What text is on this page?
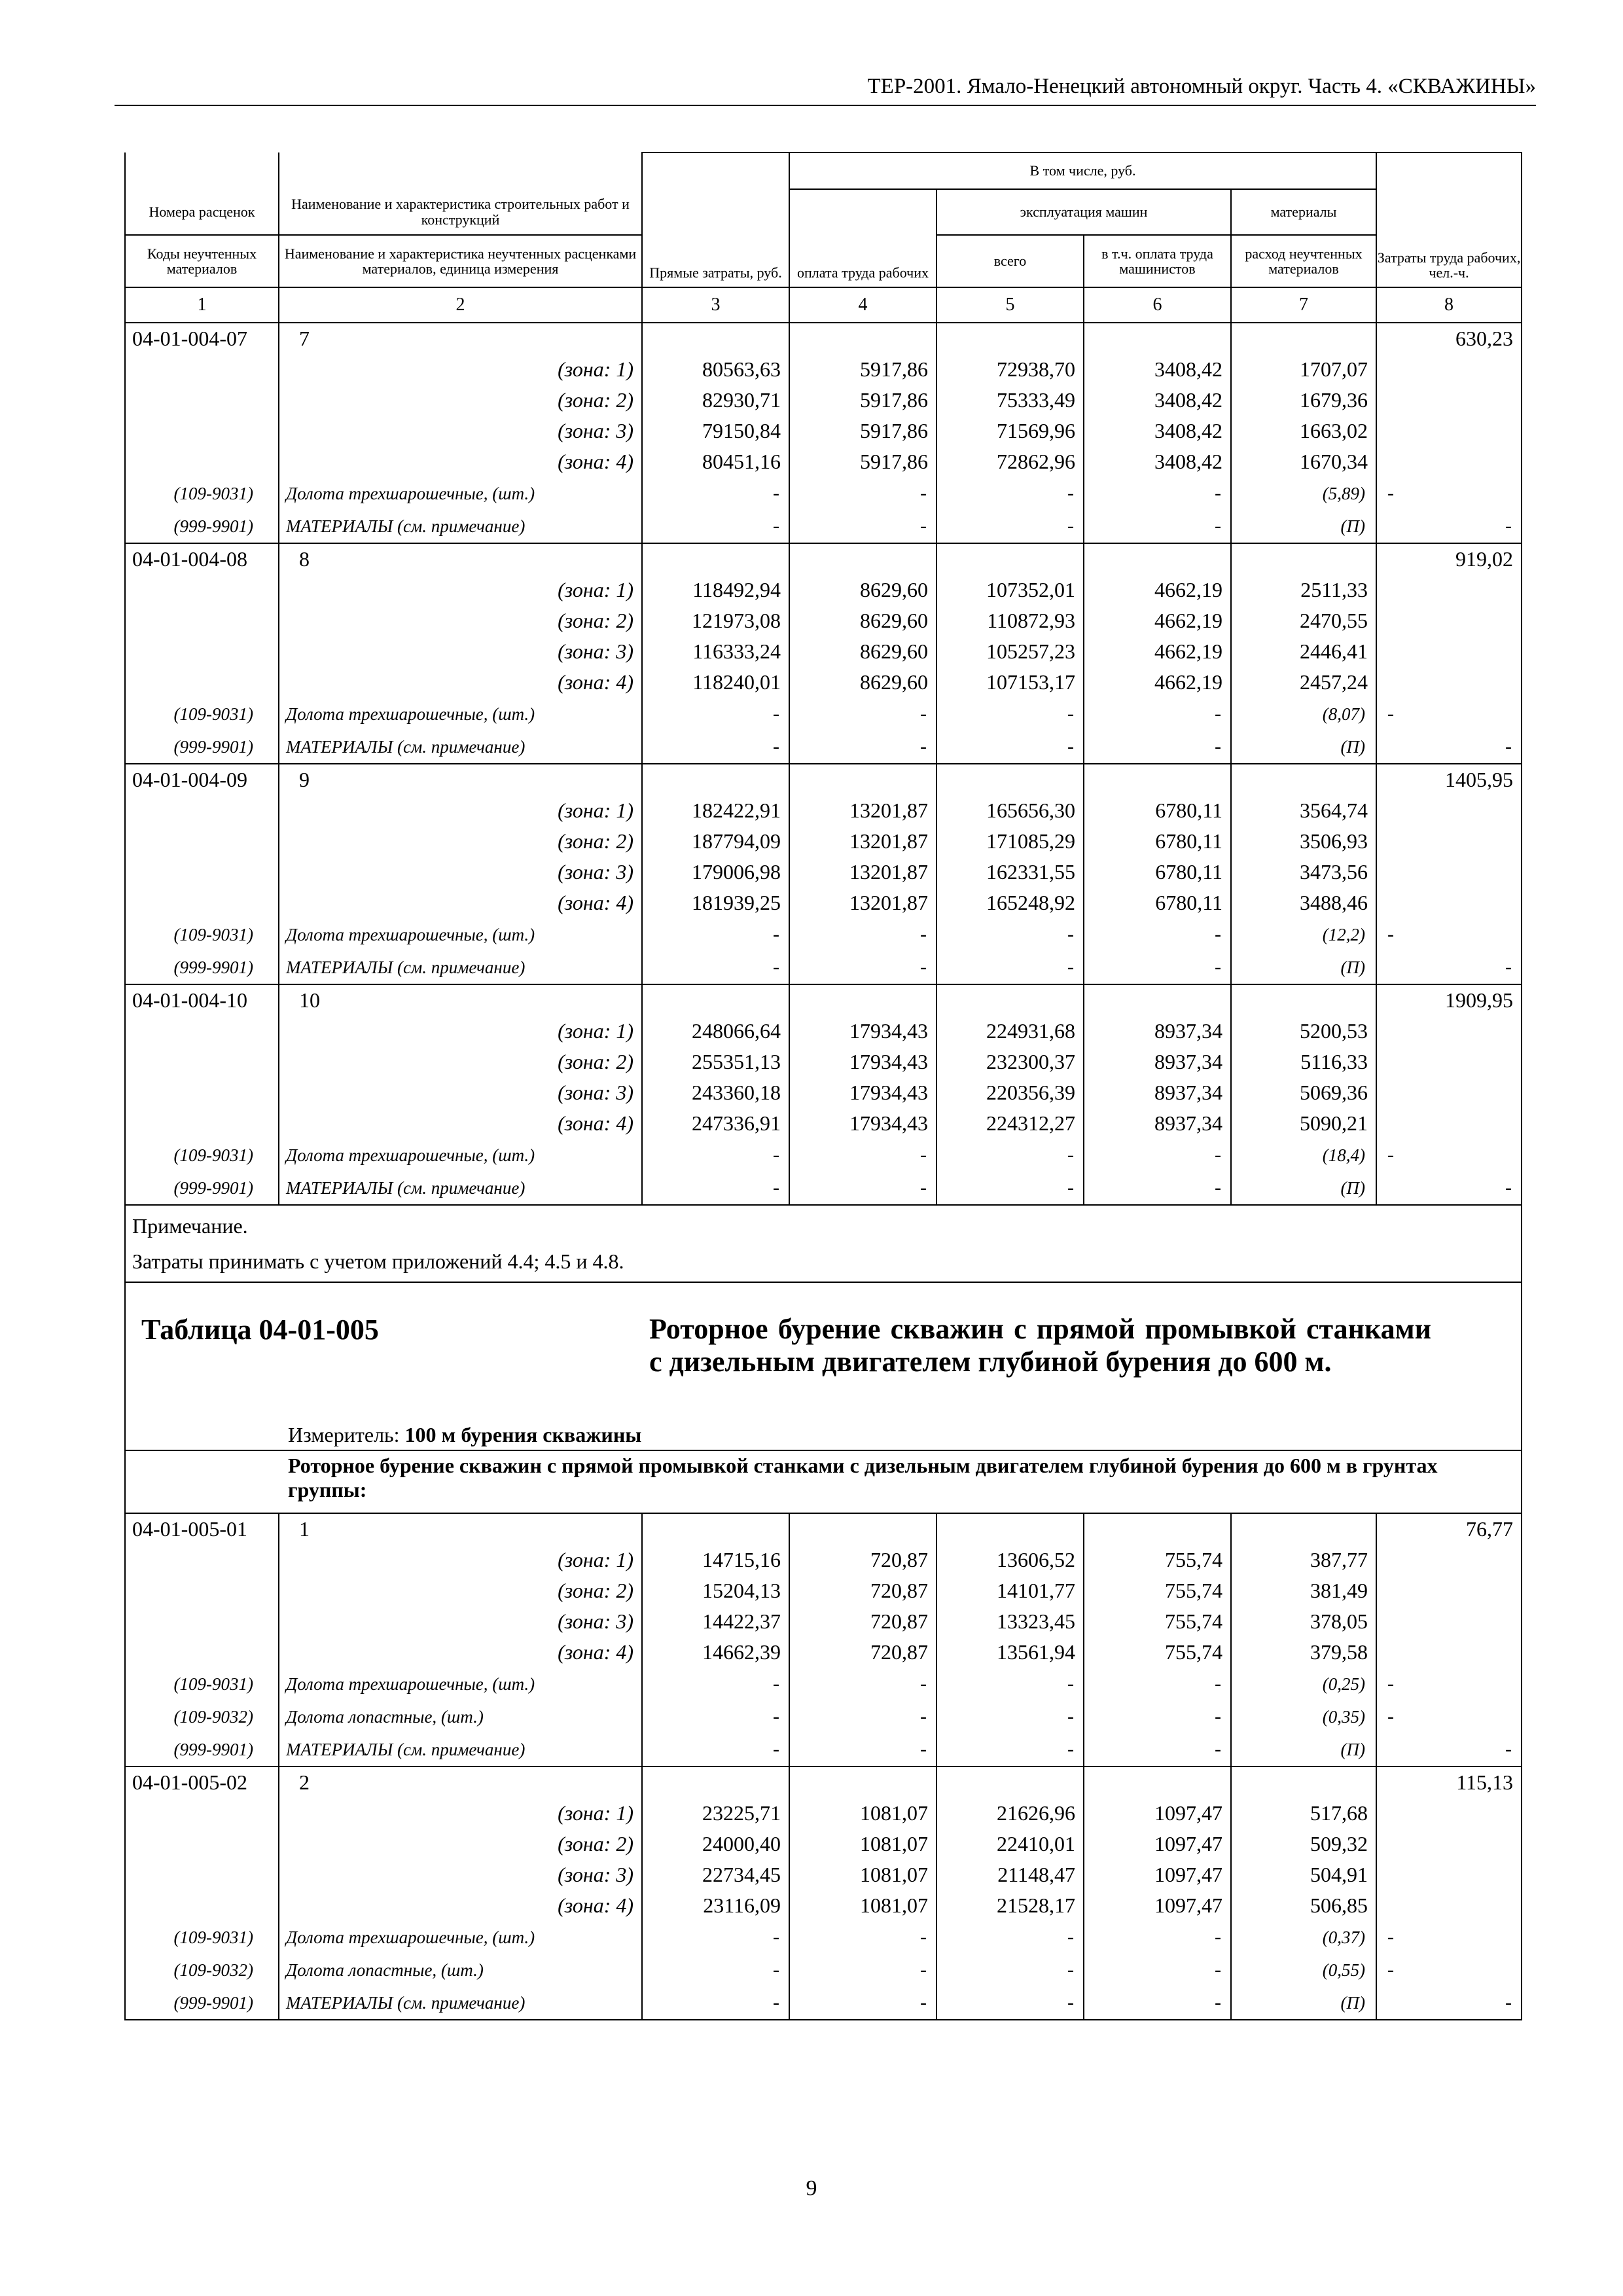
ТЕР-2001. Ямало-Ненецкий автономный округ. Часть 4. «СКВАЖИНЫ»
		Прямые затраты, руб.	В том числе, руб.				Затраты труда рабочих, чел.-ч.
Номера расценок	Наименование и характеристика строительных работ и конструкций		оплата труда рабочих	эксплуатация машин		материалы	
Коды неучтенных материалов	Наименование и характеристика неучтенных расценками материалов, единица измерения			всего	в т.ч. оплата труда машинистов	расход неучтенных материалов	
1	2	3	4	5	6	7	8
04-01-004-07	7						630,23
	(зона: 1)	80563,63	5917,86	72938,70	3408,42	1707,07	
	(зона: 2)	82930,71	5917,86	75333,49	3408,42	1679,36	
	(зона: 3)	79150,84	5917,86	71569,96	3408,42	1663,02	
	(зона: 4)	80451,16	5917,86	72862,96	3408,42	1670,34	
(109-9031)	Долота трехшарошечные, (шт.)	-	-	-	-	(5,89)	-
(999-9901)	МАТЕРИАЛЫ (см. примечание)	-	-	-	-	(П)	-
04-01-004-08	8						919,02
	(зона: 1)	118492,94	8629,60	107352,01	4662,19	2511,33	
	(зона: 2)	121973,08	8629,60	110872,93	4662,19	2470,55	
	(зона: 3)	116333,24	8629,60	105257,23	4662,19	2446,41	
	(зона: 4)	118240,01	8629,60	107153,17	4662,19	2457,24	
(109-9031)	Долота трехшарошечные, (шт.)	-	-	-	-	(8,07)	-
(999-9901)	МАТЕРИАЛЫ (см. примечание)	-	-	-	-	(П)	-
04-01-004-09	9						1405,95
	(зона: 1)	182422,91	13201,87	165656,30	6780,11	3564,74	
	(зона: 2)	187794,09	13201,87	171085,29	6780,11	3506,93	
	(зона: 3)	179006,98	13201,87	162331,55	6780,11	3473,56	
	(зона: 4)	181939,25	13201,87	165248,92	6780,11	3488,46	
(109-9031)	Долота трехшарошечные, (шт.)	-	-	-	-	(12,2)	-
(999-9901)	МАТЕРИАЛЫ (см. примечание)	-	-	-	-	(П)	-
04-01-004-10	10						1909,95
	(зона: 1)	248066,64	17934,43	224931,68	8937,34	5200,53	
	(зона: 2)	255351,13	17934,43	232300,37	8937,34	5116,33	
	(зона: 3)	243360,18	17934,43	220356,39	8937,34	5069,36	
	(зона: 4)	247336,91	17934,43	224312,27	8937,34	5090,21	
(109-9031)	Долота трехшарошечные, (шт.)	-	-	-	-	(18,4)	-
(999-9901)	МАТЕРИАЛЫ (см. примечание)	-	-	-	-	(П)	-

Примечание.
Затраты принимать с учетом приложений 4.4; 4.5 и 4.8.							

Таблица 04-01-005 Роторное бурение скважин с прямой промывкой станками с дизельным двигателем глубиной бурения до 600 м.
Измеритель: 100 м бурения скважины							

Роторное бурение скважин с прямой промывкой станками с дизельным двигателем глубиной бурения до 600 м в грунтах группы:							

04-01-005-01	1						76,77
	(зона: 1)	14715,16	720,87	13606,52	755,74	387,77	
	(зона: 2)	15204,13	720,87	14101,77	755,74	381,49	
	(зона: 3)	14422,37	720,87	13323,45	755,74	378,05	
	(зона: 4)	14662,39	720,87	13561,94	755,74	379,58	
(109-9031)	Долота трехшарошечные, (шт.)	-	-	-	-	(0,25)	-
(109-9032)	Долота лопастные, (шт.)	-	-	-	-	(0,35)	-
(999-9901)	МАТЕРИАЛЫ (см. примечание)	-	-	-	-	(П)	-
04-01-005-02	2						115,13
	(зона: 1)	23225,71	1081,07	21626,96	1097,47	517,68	
	(зона: 2)	24000,40	1081,07	22410,01	1097,47	509,32	
	(зона: 3)	22734,45	1081,07	21148,47	1097,47	504,91	
	(зона: 4)	23116,09	1081,07	21528,17	1097,47	506,85	
(109-9031)	Долота трехшарошечные, (шт.)	-	-	-	-	(0,37)	-
(109-9032)	Долота лопастные, (шт.)	-	-	-	-	(0,55)	-
(999-9901)	МАТЕРИАЛЫ (см. примечание)	-	-	-	-	(П)	-
9
